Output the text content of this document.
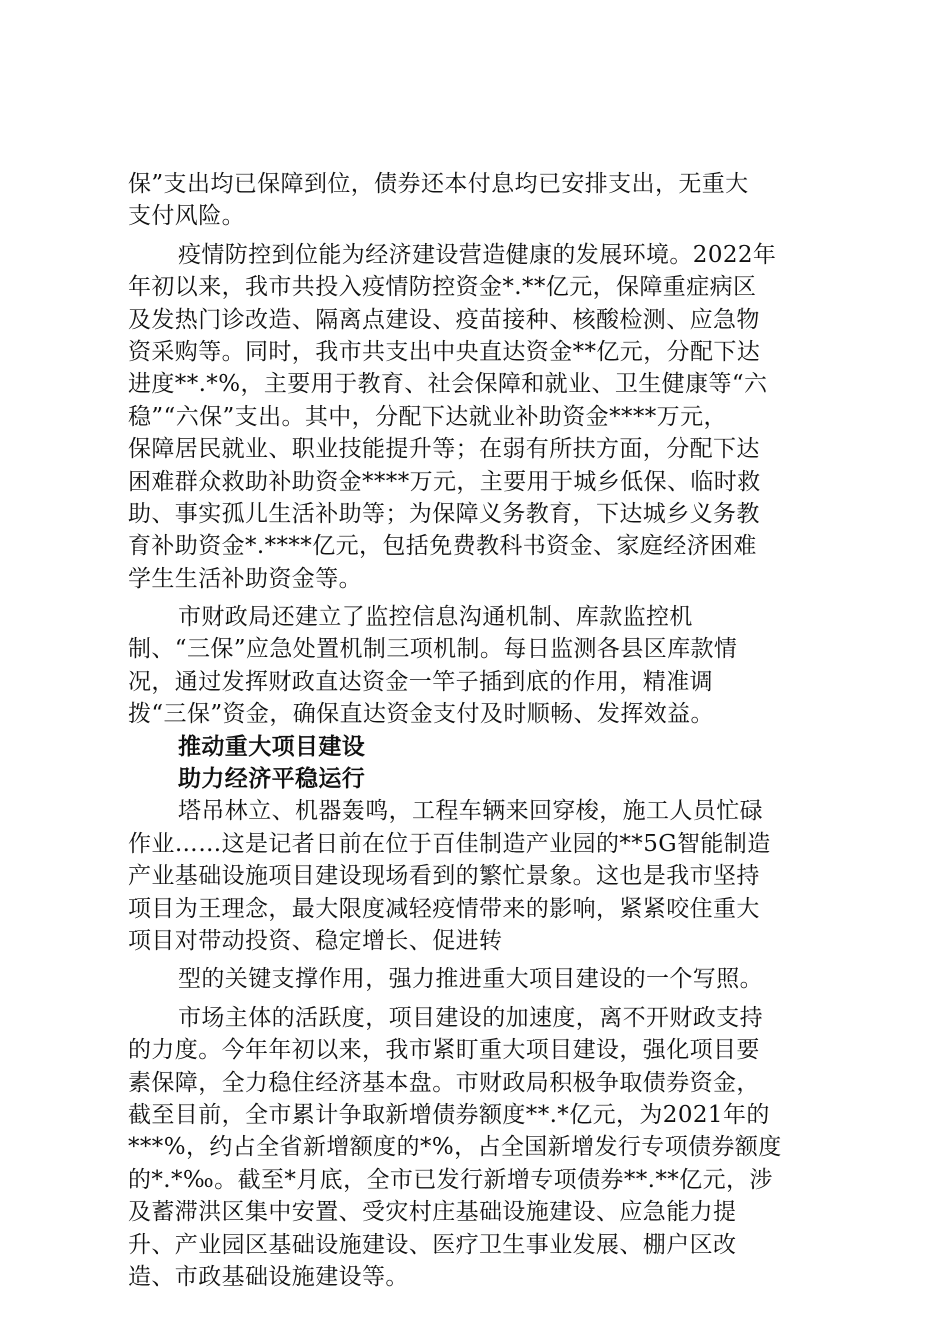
保”支出均已保障到位，债券还本付息均已安排支出，无重大
支付风险。
疫情防控到位能为经济建设营造健康的发展环境。2022年
年初以来，我市共投入疫情防控资金*.**亿元，保障重症病区
及发热门诊改造、隔离点建设、疫苗接种、核酸检测、应急物
资采购等。同时，我市共支出中央直达资金**亿元，分配下达
进度**.*%，主要用于教育、社会保障和就业、卫生健康等“六
稳”“六保”支出。其中，分配下达就业补助资金****万元，
保障居民就业、职业技能提升等；在弱有所扶方面，分配下达
困难群众救助补助资金****万元，主要用于城乡低保、临时救
助、事实孤儿生活补助等；为保障义务教育，下达城乡义务教
育补助资金*.****亿元，包括免费教科书资金、家庭经济困难
学生生活补助资金等。
市财政局还建立了监控信息沟通机制、库款监控机
制、“三保”应急处置机制三项机制。每日监测各县区库款情
况，通过发挥财政直达资金一竿子插到底的作用，精准调
拨“三保”资金，确保直达资金支付及时顺畅、发挥效益。
推动重大项目建设
助力经济平稳运行
塔吊林立、机器轰鸣，工程车辆来回穿梭，施工人员忙碌
作业……这是记者日前在位于百佳制造产业园的**5G智能制造
产业基础设施项目建设现场看到的繁忙景象。这也是我市坚持
项目为王理念，最大限度减轻疫情带来的影响，紧紧咬住重大
项目对带动投资、稳定增长、促进转
型的关键支撑作用，强力推进重大项目建设的一个写照。
市场主体的活跃度，项目建设的加速度，离不开财政支持
的力度。今年年初以来，我市紧盯重大项目建设，强化项目要
素保障，全力稳住经济基本盘。市财政局积极争取债券资金，
截至目前，全市累计争取新增债券额度**.*亿元，为2021年的
***%，约占全省新增额度的*%，占全国新增发行专项债券额度
的*.*‰。截至*月底，全市已发行新增专项债券**.**亿元，涉
及蓄滞洪区集中安置、受灾村庄基础设施建设、应急能力提
升、产业园区基础设施建设、医疗卫生事业发展、棚户区改
造、市政基础设施建设等。
